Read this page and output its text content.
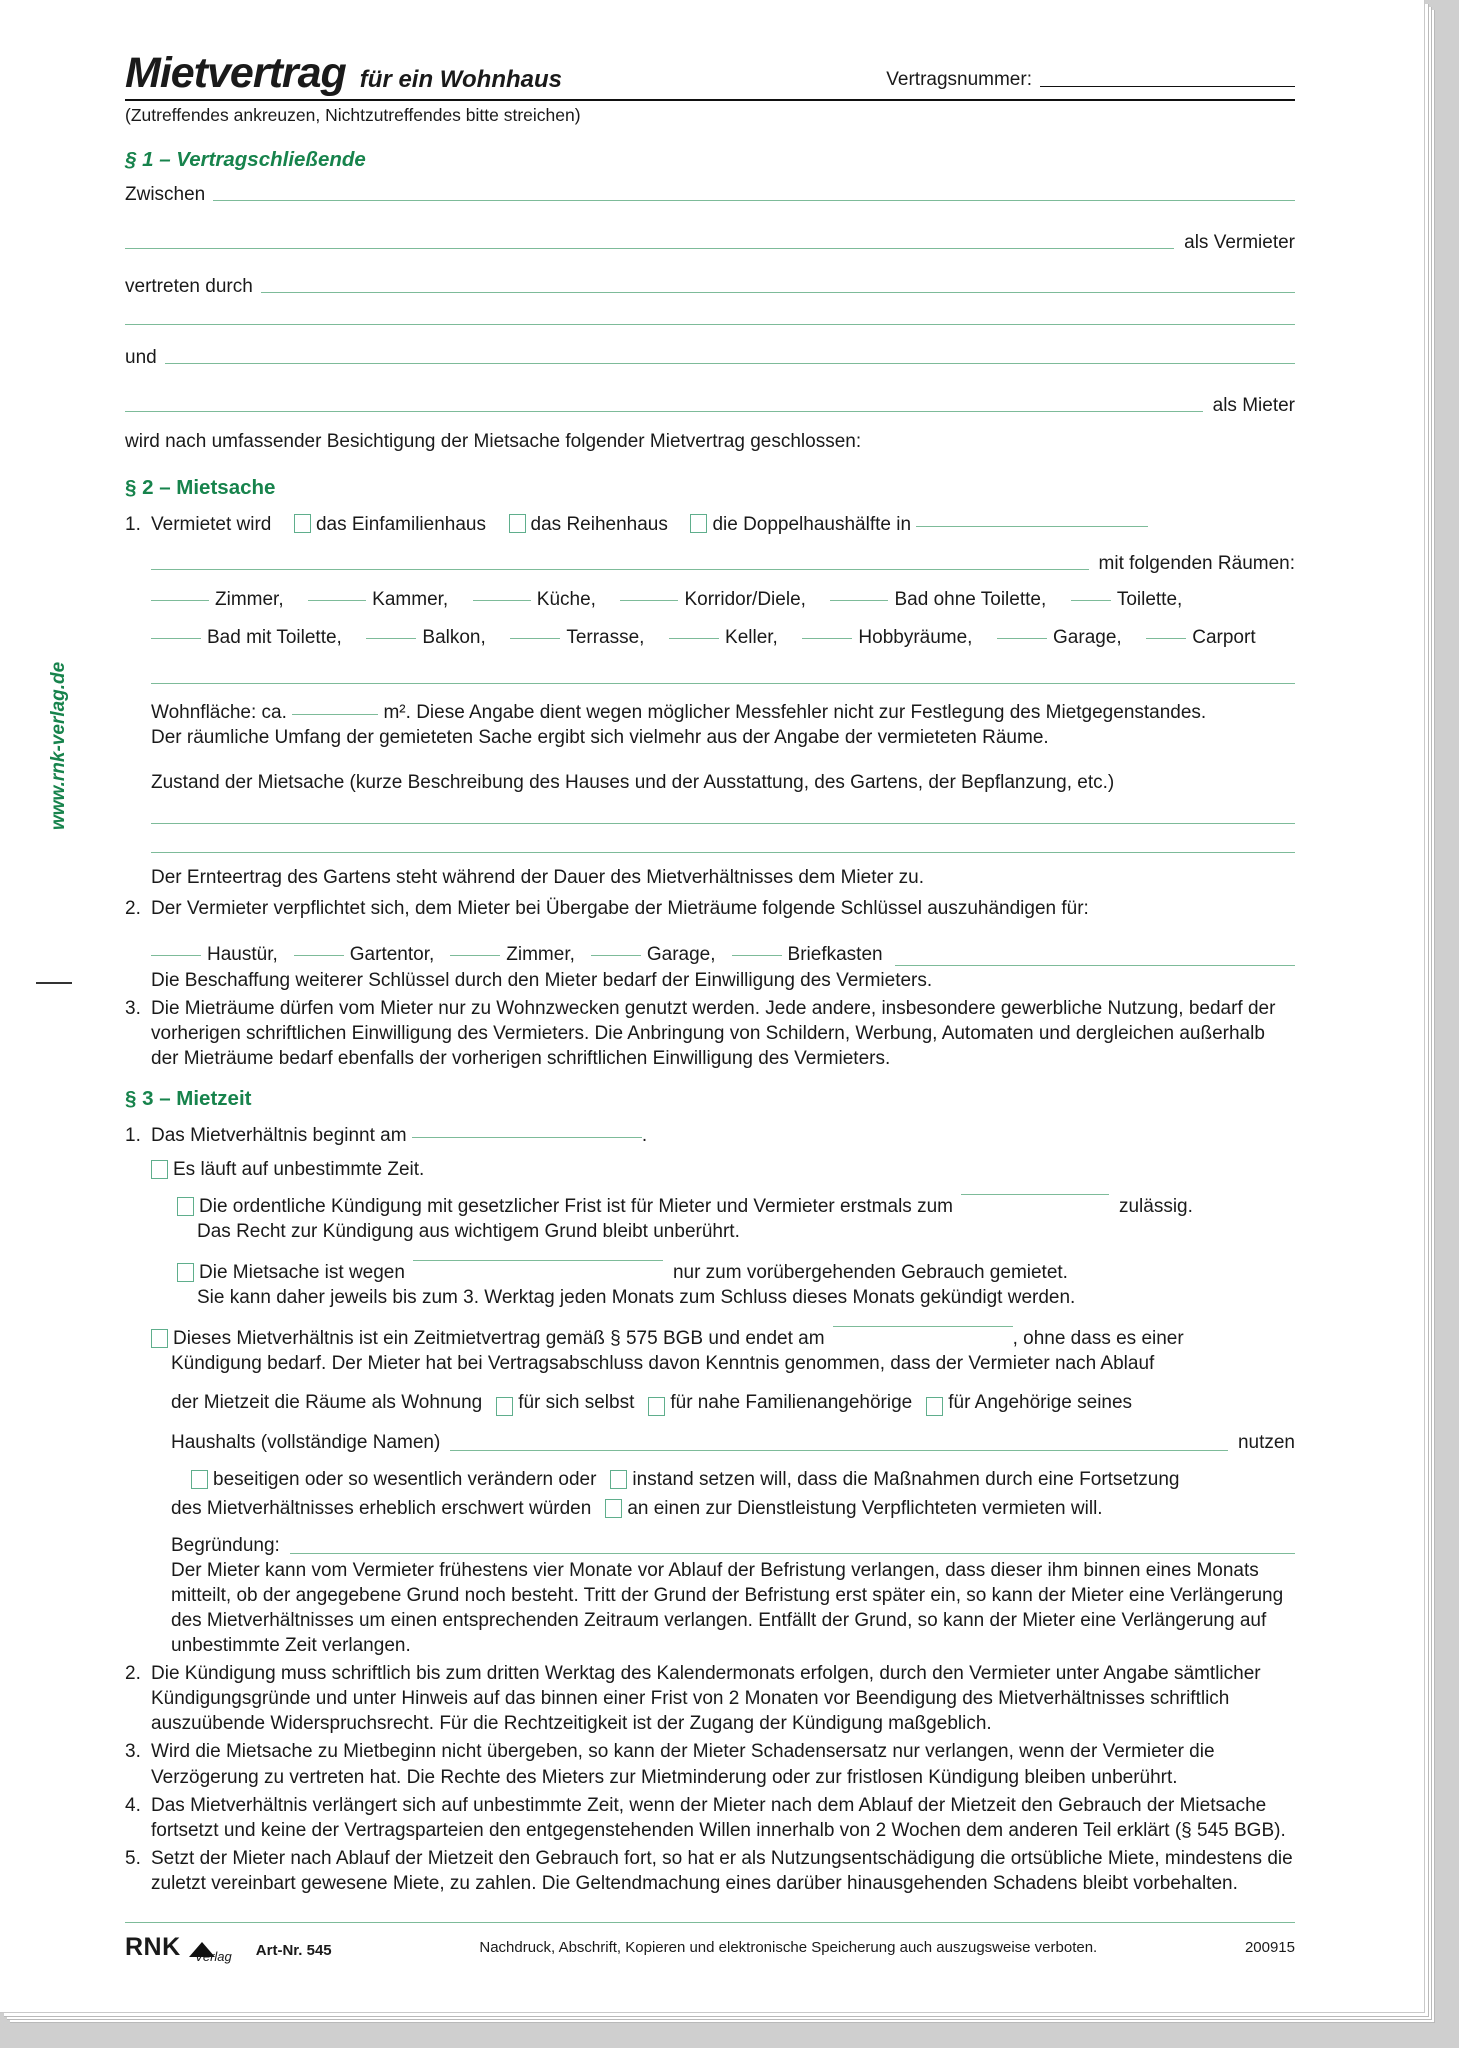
www.rnk-verlag.de
Mietvertrag für ein Wohnhaus	Vertragsnummer:
(Zutreffendes ankreuzen, Nichtzutreffendes bitte streichen)
§ 1 – Vertragschließende
Zwischen
als Vermieter
vertreten durch
und
als Mieter
wird nach umfassender Besichtigung der Mietsache folgender Mietvertrag geschlossen:
§ 2 – Mietsache
1. Vermietet wird das Einfamilienhaus das Reihenhaus die Doppelhaushälfte in
mit folgenden Räumen:
Zimmer,	Kammer,	Küche,	Korridor/Diele,	Bad ohne Toilette,	Toilette,
Bad mit Toilette,	Balkon,	Terrasse,	Keller,	Hobbyräume,	Garage,	Carport
Wohnfläche: ca.	m². Diese Angabe dient wegen möglicher Messfehler nicht zur Festlegung des Mietgegenstandes.
Der räumliche Umfang der gemieteten Sache ergibt sich vielmehr aus der Angabe der vermieteten Räume.
Zustand der Mietsache (kurze Beschreibung des Hauses und der Ausstattung, des Gartens, der Bepflanzung, etc.)
Der Ernteertrag des Gartens steht während der Dauer des Mietverhältnisses dem Mieter zu.
2. Der Vermieter verpflichtet sich, dem Mieter bei Übergabe der Mieträume folgende Schlüssel auszuhändigen für:
Haustür,	Gartentor,	Zimmer,	Garage,	Briefkasten
Die Beschaffung weiterer Schlüssel durch den Mieter bedarf der Einwilligung des Vermieters.
3. Die Mieträume dürfen vom Mieter nur zu Wohnzwecken genutzt werden. Jede andere, insbesondere gewerbliche Nutzung, bedarf der vorherigen schriftlichen Einwilligung des Vermieters. Die Anbringung von Schildern, Werbung, Automaten und dergleichen außerhalb der Mieträume bedarf ebenfalls der vorherigen schriftlichen Einwilligung des Vermieters.
§ 3 – Mietzeit
1. Das Mietverhältnis beginnt am	.
Es läuft auf unbestimmte Zeit.
Die ordentliche Kündigung mit gesetzlicher Frist ist für Mieter und Vermieter erstmals zum	zulässig.
Das Recht zur Kündigung aus wichtigem Grund bleibt unberührt.
Die Mietsache ist wegen	nur zum vorübergehenden Gebrauch gemietet.
Sie kann daher jeweils bis zum 3. Werktag jeden Monats zum Schluss dieses Monats gekündigt werden.
Dieses Mietverhältnis ist ein Zeitmietvertrag gemäß § 575 BGB und endet am	, ohne dass es einer
Kündigung bedarf. Der Mieter hat bei Vertragsabschluss davon Kenntnis genommen, dass der Vermieter nach Ablauf
der Mietzeit die Räume als Wohnung für sich selbst für nahe Familienangehörige für Angehörige seines
Haushalts (vollständige Namen)	nutzen
beseitigen oder so wesentlich verändern oder instand setzen will, dass die Maßnahmen durch eine Fortsetzung
des Mietverhältnisses erheblich erschwert würden an einen zur Dienstleistung Verpflichteten vermieten will.
Begründung:
Der Mieter kann vom Vermieter frühestens vier Monate vor Ablauf der Befristung verlangen, dass dieser ihm binnen eines Monats mitteilt, ob der angegebene Grund noch besteht. Tritt der Grund der Befristung erst später ein, so kann der Mieter eine Verlängerung des Mietverhältnisses um einen entsprechenden Zeitraum verlangen. Entfällt der Grund, so kann der Mieter eine Verlängerung auf unbestimmte Zeit verlangen.
2. Die Kündigung muss schriftlich bis zum dritten Werktag des Kalendermonats erfolgen, durch den Vermieter unter Angabe sämtlicher Kündigungsgründe und unter Hinweis auf das binnen einer Frist von 2 Monaten vor Beendigung des Mietverhältnisses schriftlich auszuübende Widerspruchsrecht. Für die Rechtzeitigkeit ist der Zugang der Kündigung maßgeblich.
3. Wird die Mietsache zu Mietbeginn nicht übergeben, so kann der Mieter Schadensersatz nur verlangen, wenn der Vermieter die Verzögerung zu vertreten hat. Die Rechte des Mieters zur Mietminderung oder zur fristlosen Kündigung bleiben unberührt.
4. Das Mietverhältnis verlängert sich auf unbestimmte Zeit, wenn der Mieter nach dem Ablauf der Mietzeit den Gebrauch der Mietsache fortsetzt und keine der Vertragsparteien den entgegenstehenden Willen innerhalb von 2 Wochen dem anderen Teil erklärt (§ 545 BGB).
5. Setzt der Mieter nach Ablauf der Mietzeit den Gebrauch fort, so hat er als Nutzungsentschädigung die ortsübliche Miete, mindestens die zuletzt vereinbart gewesene Miete, zu zahlen. Die Geltendmachung eines darüber hinausgehenden Schadens bleibt vorbehalten.
RNK Verlag Art-Nr. 545	Nachdruck, Abschrift, Kopieren und elektronische Speicherung auch auszugsweise verboten.	200915
